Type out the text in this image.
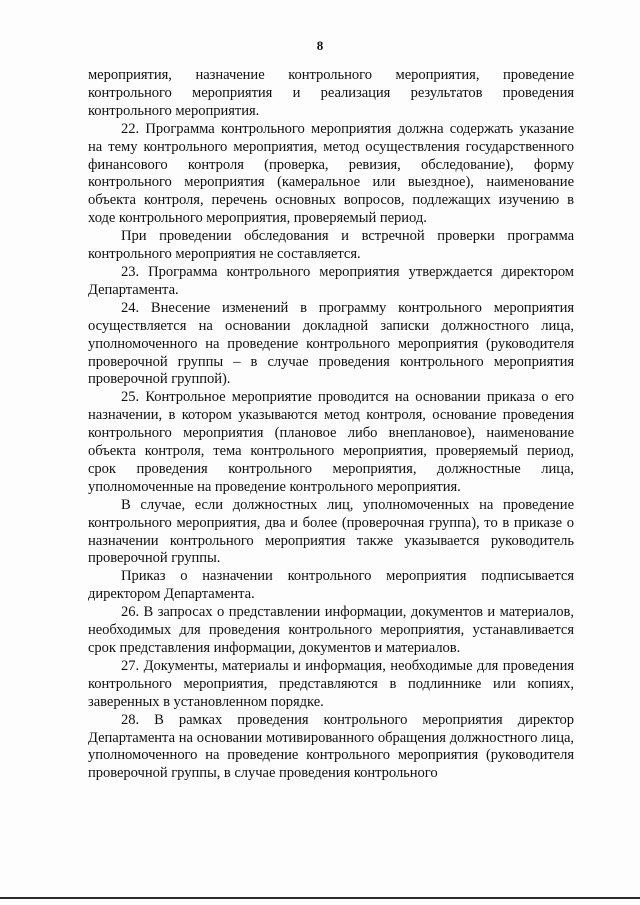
8

мероприятия, назначение контрольного мероприятия, проведение контрольного мероприятия и реализация результатов проведения контрольного мероприятия.

22. Программа контрольного мероприятия должна содержать указание на тему контрольного мероприятия, метод осуществления государственного финансового контроля (проверка, ревизия, обследование), форму контрольного мероприятия (камеральное или выездное), наименование объекта контроля, перечень основных вопросов, подлежащих изучению в ходе контрольного мероприятия, проверяемый период.

При проведении обследования и встречной проверки программа контрольного мероприятия не составляется.

23. Программа контрольного мероприятия утверждается директором Департамента.

24. Внесение изменений в программу контрольного мероприятия осуществляется на основании докладной записки должностного лица, уполномоченного на проведение контрольного мероприятия (руководителя проверочной группы – в случае проведения контрольного мероприятия проверочной группой).

25. Контрольное мероприятие проводится на основании приказа о его назначении, в котором указываются метод контроля, основание проведения контрольного мероприятия (плановое либо внеплановое), наименование объекта контроля, тема контрольного мероприятия, проверяемый период, срок проведения контрольного мероприятия, должностные лица, уполномоченные на проведение контрольного мероприятия.

В случае, если должностных лиц, уполномоченных на проведение контрольного мероприятия, два и более (проверочная группа), то в приказе о назначении контрольного мероприятия также указывается руководитель проверочной группы.

Приказ о назначении контрольного мероприятия подписывается директором Департамента.

26. В запросах о представлении информации, документов и материалов, необходимых для проведения контрольного мероприятия, устанавливается срок представления информации, документов и материалов.

27. Документы, материалы и информация, необходимые для проведения контрольного мероприятия, представляются в подлиннике или копиях, заверенных в установленном порядке.

28. В рамках проведения контрольного мероприятия директор Департамента на основании мотивированного обращения должностного лица, уполномоченного на проведение контрольного мероприятия (руководителя проверочной группы, в случае проведения контрольного
